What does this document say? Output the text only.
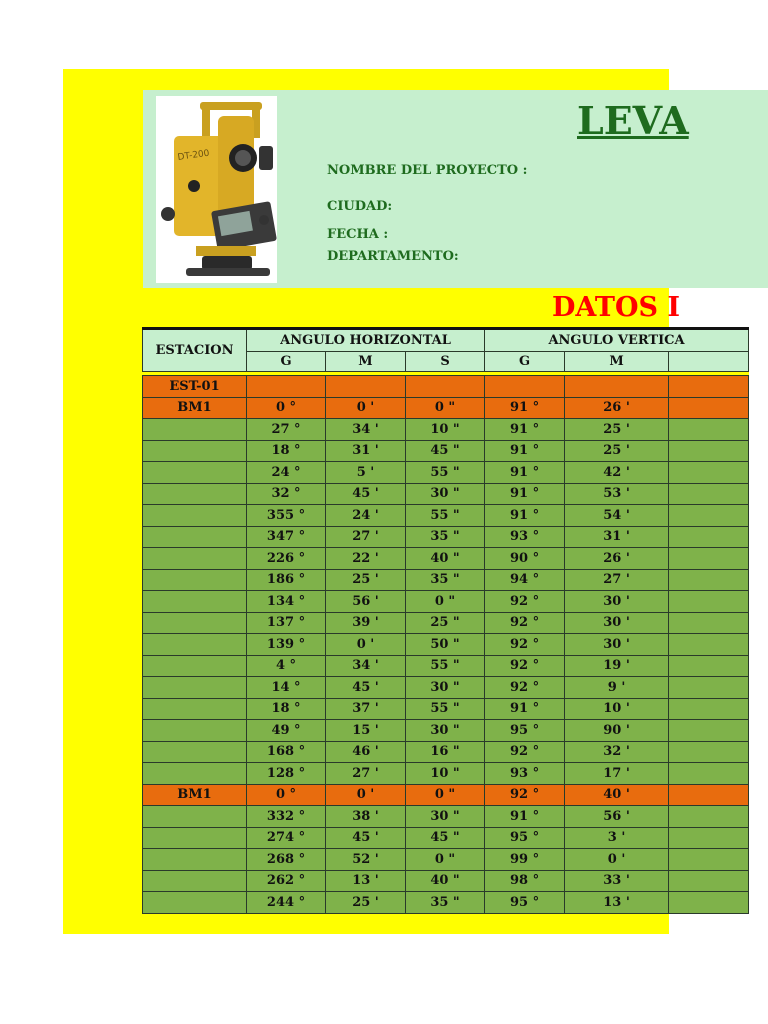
DT-200
LEVA
NOMBRE DEL PROYECTO :
CIUDAD:
FECHA :
DEPARTAMENTO:
DATOS I
ESTACION	ANGULO HORIZONTAL			ANGULO VERTICA		
	G	M	S	G	M	

EST-01						
BM1	0 °	0 '	0 "	91 °	26 '	
	27 °	34 '	10 "	91 °	25 '	
	18 °	31 '	45 "	91 °	25 '	
	24 °	5 '	55 "	91 °	42 '	
	32 °	45 '	30 "	91 °	53 '	
	355 °	24 '	55 "	91 °	54 '	
	347 °	27 '	35 "	93 °	31 '	
	226 °	22 '	40 "	90 °	26 '	
	186 °	25 '	35 "	94 °	27 '	
	134 °	56 '	0 "	92 °	30 '	
	137 °	39 '	25 "	92 °	30 '	
	139 °	0 '	50 "	92 °	30 '	
	4 °	34 '	55 "	92 °	19 '	
	14 °	45 '	30 "	92 °	9 '	
	18 °	37 '	55 "	91 °	10 '	
	49 °	15 '	30 "	95 °	90 '	
	168 °	46 '	16 "	92 °	32 '	
	128 °	27 '	10 "	93 °	17 '	
BM1	0 °	0 '	0 "	92 °	40 '	
	332 °	38 '	30 "	91 °	56 '	
	274 °	45 '	45 "	95 °	3 '	
	268 °	52 '	0 "	99 °	0 '	
	262 °	13 '	40 "	98 °	33 '	
	244 °	25 '	35 "	95 °	13 '	
